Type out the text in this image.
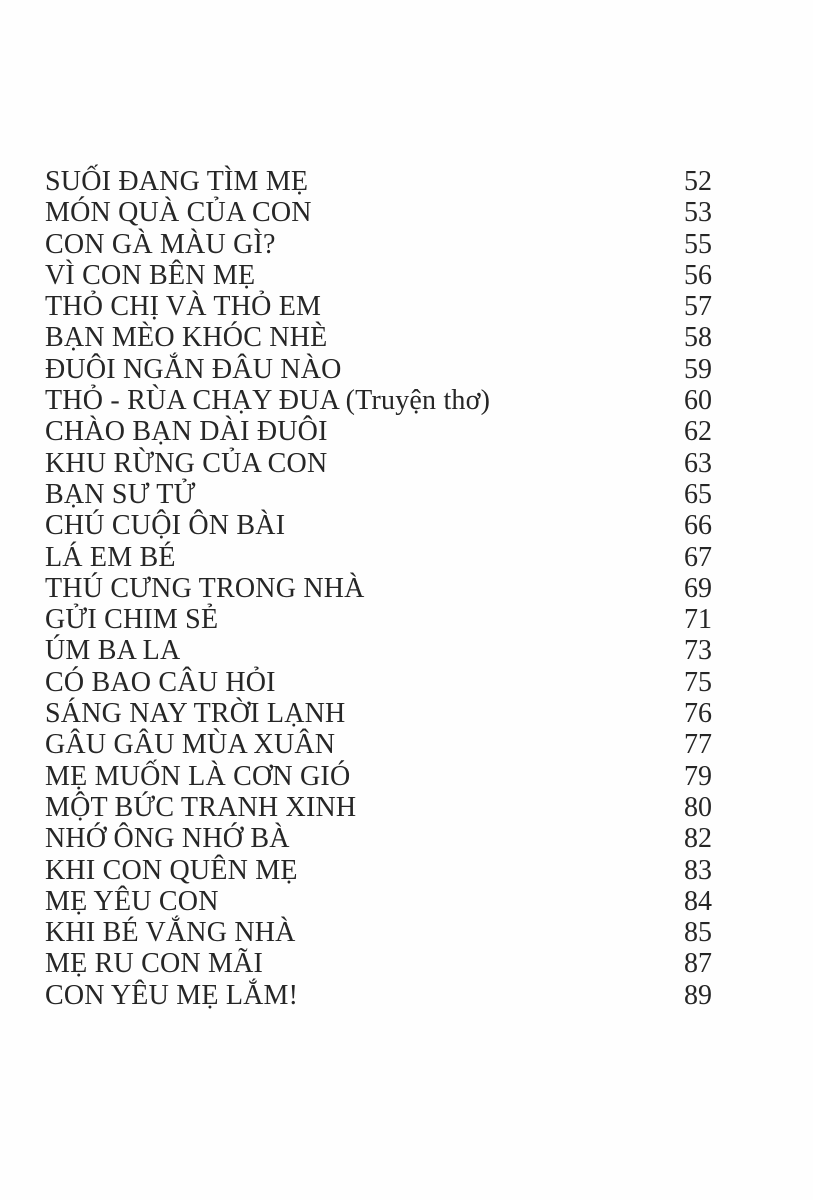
SUỐI ĐANG TÌM MẸ	52
MÓN QUÀ CỦA CON	53
CON GÀ MÀU GÌ?	55
VÌ CON BÊN MẸ	56
THỎ CHỊ VÀ THỎ EM	57
BẠN MÈO KHÓC NHÈ	58
ĐUÔI NGẮN ĐÂU NÀO	59
THỎ - RÙA CHẠY ĐUA (Truyện thơ)	60
CHÀO BẠN DÀI ĐUÔI	62
KHU RỪNG CỦA CON	63
BẠN SƯ TỬ	65
CHÚ CUỘI ÔN BÀI	66
LÁ EM BÉ	67
THÚ CƯNG TRONG NHÀ	69
GỬI CHIM SẺ	71
ÚM BA LA	73
CÓ BAO CÂU HỎI	75
SÁNG NAY TRỜI LẠNH	76
GÂU GÂU MÙA XUÂN	77
MẸ MUỐN LÀ CƠN GIÓ	79
MỘT BỨC TRANH XINH	80
NHỚ ÔNG NHỚ BÀ	82
KHI CON QUÊN MẸ	83
MẸ YÊU CON	84
KHI BÉ VẮNG NHÀ	85
MẸ RU CON MÃI	87
CON YÊU MẸ LẮM!	89
